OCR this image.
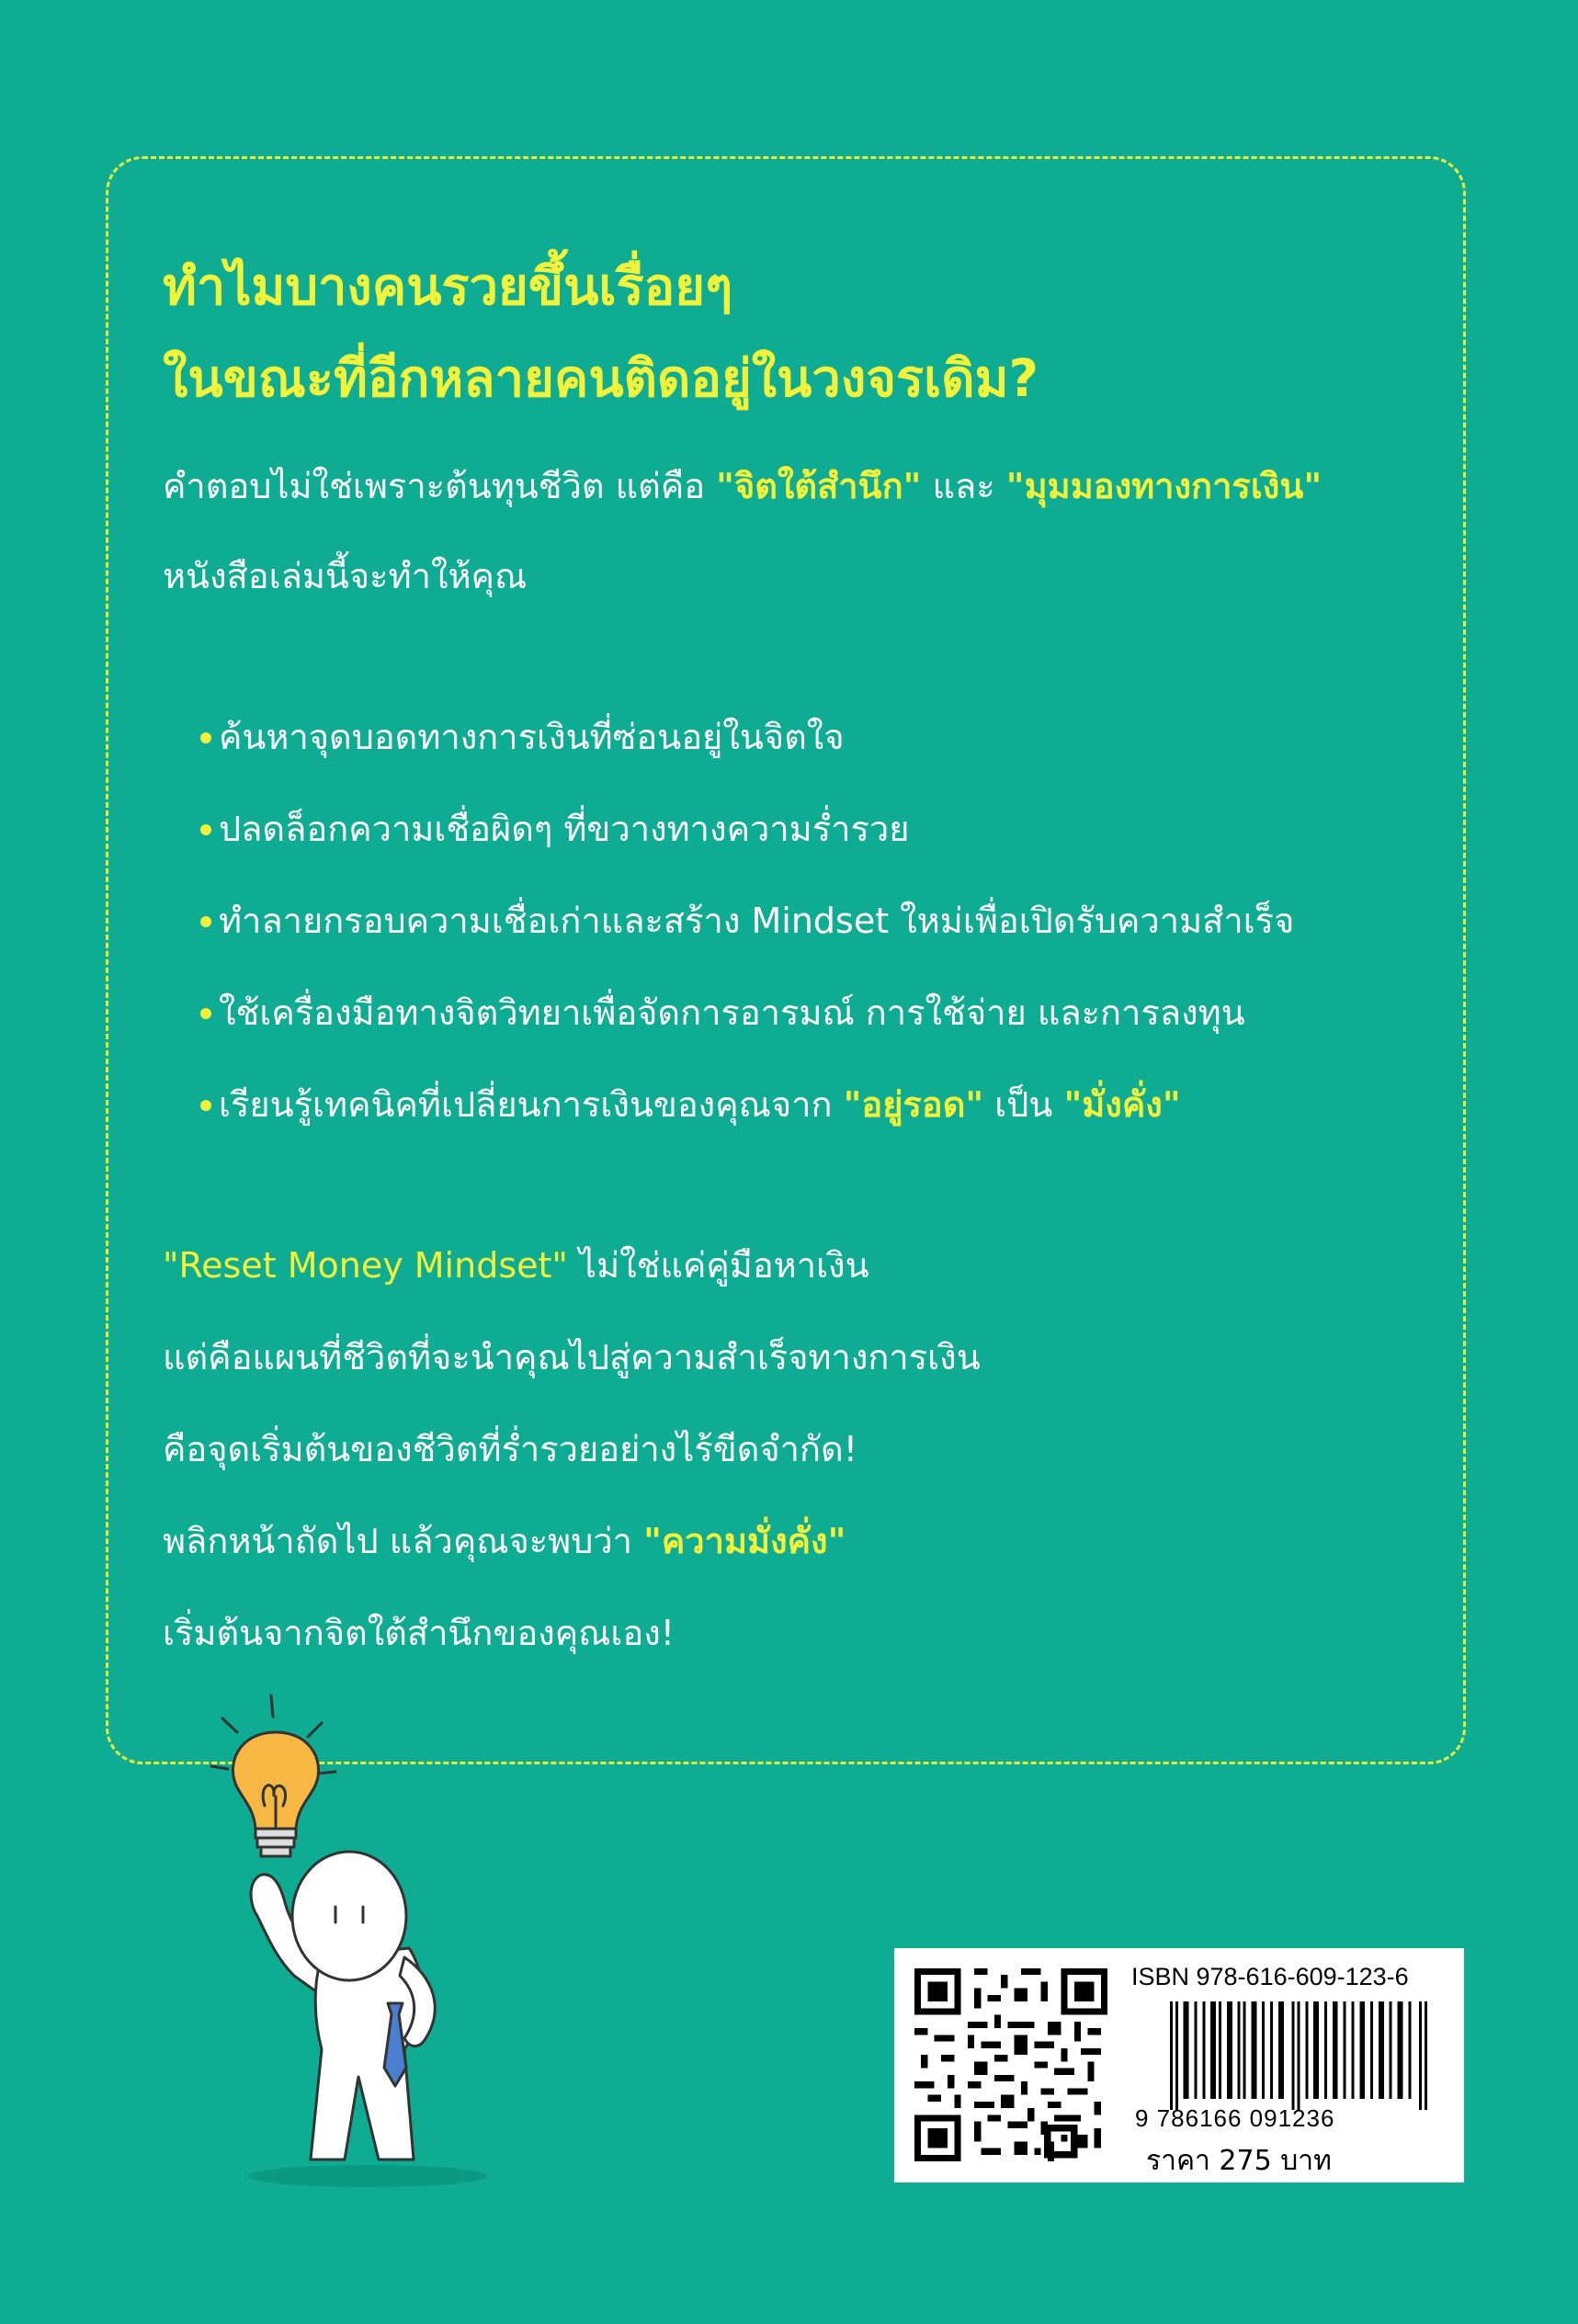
ทำไมบางคนรวยขึ้นเรื่อยๆ
ในขณะที่อีกหลายคนติดอยู่ในวงจรเดิม?
คำตอบไม่ใช่เพราะต้นทุนชีวิต แต่คือ "จิตใต้สำนึก" และ "มุมมองทางการเงิน"
หนังสือเล่มนี้จะทำให้คุณ
ค้นหาจุดบอดทางการเงินที่ซ่อนอยู่ในจิตใจ
ปลดล็อกความเชื่อผิดๆ ที่ขวางทางความร่ำรวย
ทำลายกรอบความเชื่อเก่าและสร้าง Mindset ใหม่เพื่อเปิดรับความสำเร็จ
ใช้เครื่องมือทางจิตวิทยาเพื่อจัดการอารมณ์ การใช้จ่าย และการลงทุน
เรียนรู้เทคนิคที่เปลี่ยนการเงินของคุณจาก "อยู่รอด" เป็น "มั่งคั่ง"
"Reset Money Mindset" ไม่ใช่แค่คู่มือหาเงิน
แต่คือแผนที่ชีวิตที่จะนำคุณไปสู่ความสำเร็จทางการเงิน
คือจุดเริ่มต้นของชีวิตที่ร่ำรวยอย่างไร้ขีดจำกัด!
พลิกหน้าถัดไป แล้วคุณจะพบว่า "ความมั่งคั่ง"
เริ่มต้นจากจิตใต้สำนึกของคุณเอง!
ISBN 978-616-609-123-6
9 786166 091236
ราคา 275 บาท
